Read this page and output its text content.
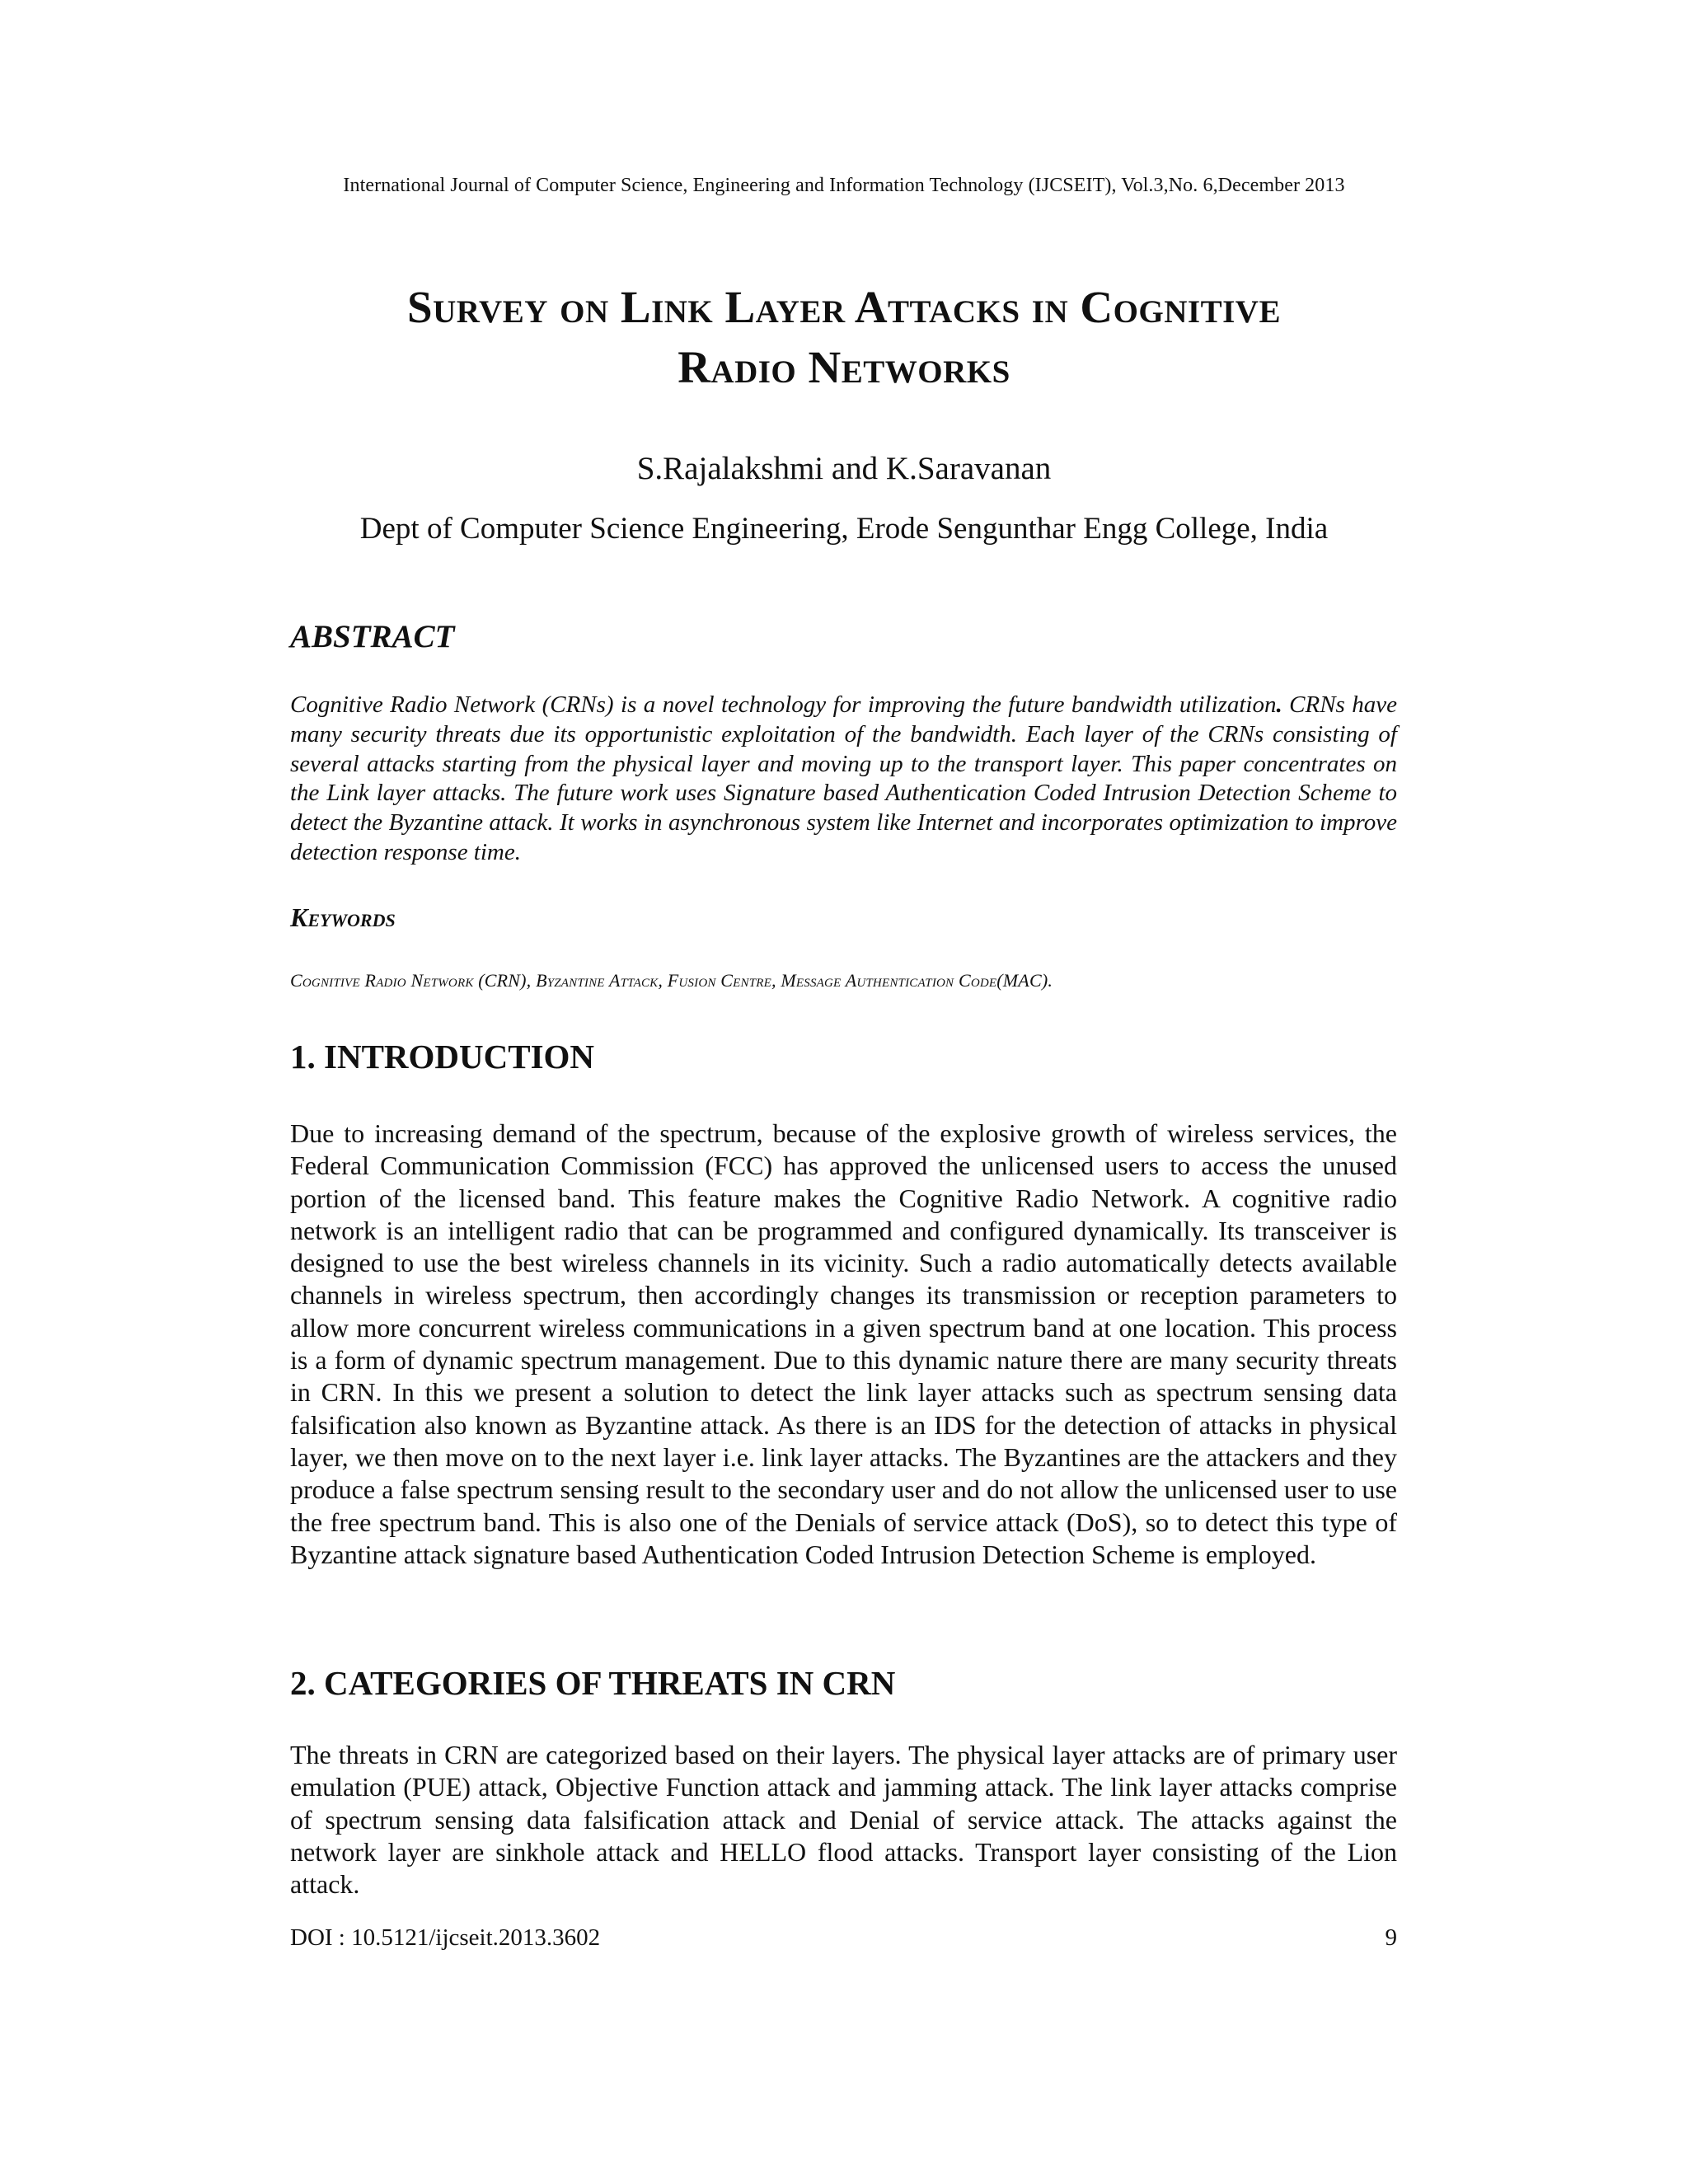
International Journal of Computer Science, Engineering and Information Technology (IJCSEIT), Vol.3,No. 6,December 2013
Survey on Link Layer Attacks in Cognitive
Radio Networks
S.Rajalakshmi and K.Saravanan
Dept of Computer Science Engineering, Erode Sengunthar Engg College, India
ABSTRACT
Cognitive Radio Network (CRNs) is a novel technology for improving the future bandwidth utilization. CRNs have many security threats due its opportunistic exploitation of the bandwidth. Each layer of the CRNs consisting of several attacks starting from the physical layer and moving up to the transport layer. This paper concentrates on the Link layer attacks. The future work uses Signature based Authentication Coded Intrusion Detection Scheme to detect the Byzantine attack. It works in asynchronous system like Internet and incorporates optimization to improve detection response time.
Keywords
Cognitive Radio Network (CRN), Byzantine Attack, Fusion Centre, Message Authentication Code(MAC).
1. INTRODUCTION
Due to increasing demand of the spectrum, because of the explosive growth of wireless services, the Federal Communication Commission (FCC) has approved the unlicensed users to access the unused portion of the licensed band. This feature makes the Cognitive Radio Network. A cognitive radio network is an intelligent radio that can be programmed and configured dynamically. Its transceiver is designed to use the best wireless channels in its vicinity. Such a radio automatically detects available channels in wireless spectrum, then accordingly changes its transmission or reception parameters to allow more concurrent wireless communications in a given spectrum band at one location. This process is a form of dynamic spectrum management. Due to this dynamic nature there are many security threats in CRN. In this we present a solution to detect the link layer attacks such as spectrum sensing data falsification also known as Byzantine attack. As there is an IDS for the detection of attacks in physical layer, we then move on to the next layer i.e. link layer attacks. The Byzantines are the attackers and they produce a false spectrum sensing result to the secondary user and do not allow the unlicensed user to use the free spectrum band. This is also one of the Denials of service attack (DoS), so to detect this type of Byzantine attack signature based Authentication Coded Intrusion Detection Scheme is employed.
2. CATEGORIES OF THREATS IN CRN
The threats in CRN are categorized based on their layers. The physical layer attacks are of primary user emulation (PUE) attack, Objective Function attack and jamming attack. The link layer attacks comprise of spectrum sensing data falsification attack and Denial of service attack. The attacks against the network layer are sinkhole attack and HELLO flood attacks. Transport layer consisting of the Lion attack.
DOI : 10.5121/ijcseit.2013.3602	9
